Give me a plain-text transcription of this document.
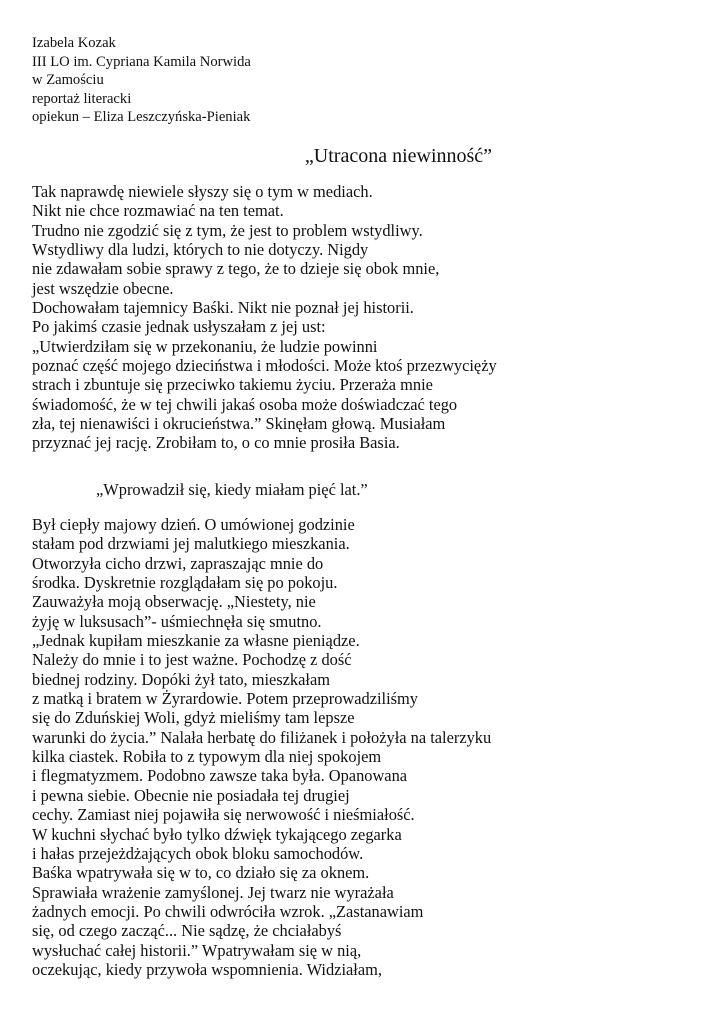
Izabela Kozak
III LO im. Cypriana Kamila Norwida
w Zamościu
reportaż literacki
opiekun – Eliza Leszczyńska-Pieniak
„Utracona niewinność”
Tak naprawdę niewiele słyszy się o tym w mediach.
Nikt nie chce rozmawiać na ten temat.
Trudno nie zgodzić się z tym, że jest to problem wstydliwy.
Wstydliwy dla ludzi, których to nie dotyczy. Nigdy
nie zdawałam sobie sprawy z tego, że to dzieje się obok mnie,
jest wszędzie obecne.
Dochowałam tajemnicy Baśki. Nikt nie poznał jej historii.
Po jakimś czasie jednak usłyszałam z jej ust:
„Utwierdziłam się w przekonaniu, że ludzie powinni
poznać część mojego dzieciństwa i młodości. Może ktoś przezwycięży
strach i zbuntuje się przeciwko takiemu życiu. Przeraża mnie
świadomość, że w tej chwili jakaś osoba może doświadczać tego
zła, tej nienawiści i okrucieństwa.” Skinęłam głową. Musiałam
przyznać jej rację. Zrobiłam to, o co mnie prosiła Basia.
„Wprowadził się, kiedy miałam pięć lat.”
Był ciepły majowy dzień. O umówionej godzinie
stałam pod drzwiami jej malutkiego mieszkania.
Otworzyła cicho drzwi, zapraszając mnie do
środka. Dyskretnie rozglądałam się po pokoju.
Zauważyła moją obserwację. „Niestety, nie
żyję w luksusach”- uśmiechnęła się smutno.
„Jednak kupiłam mieszkanie za własne pieniądze.
Należy do mnie i to jest ważne. Pochodzę z dość
biednej rodziny. Dopóki żył tato, mieszkałam
z matką i bratem w Żyrardowie. Potem przeprowadziliśmy
się do Zduńskiej Woli, gdyż mieliśmy tam lepsze
warunki do życia.” Nalała herbatę do filiżanek i położyła na talerzyku
kilka ciastek. Robiła to z typowym dla niej spokojem
i flegmatyzmem. Podobno zawsze taka była. Opanowana
i pewna siebie. Obecnie nie posiadała tej drugiej
cechy. Zamiast niej pojawiła się nerwowość i nieśmiałość.
W kuchni słychać było tylko dźwięk tykającego zegarka
i hałas przejeżdżających obok bloku samochodów.
Baśka wpatrywała się w to, co działo się za oknem.
Sprawiała wrażenie zamyślonej. Jej twarz nie wyrażała
żadnych emocji. Po chwili odwróciła wzrok. „Zastanawiam
się, od czego zacząć... Nie sądzę, że chciałabyś
wysłuchać całej historii.” Wpatrywałam się w nią,
oczekując, kiedy przywoła wspomnienia. Widziałam,
